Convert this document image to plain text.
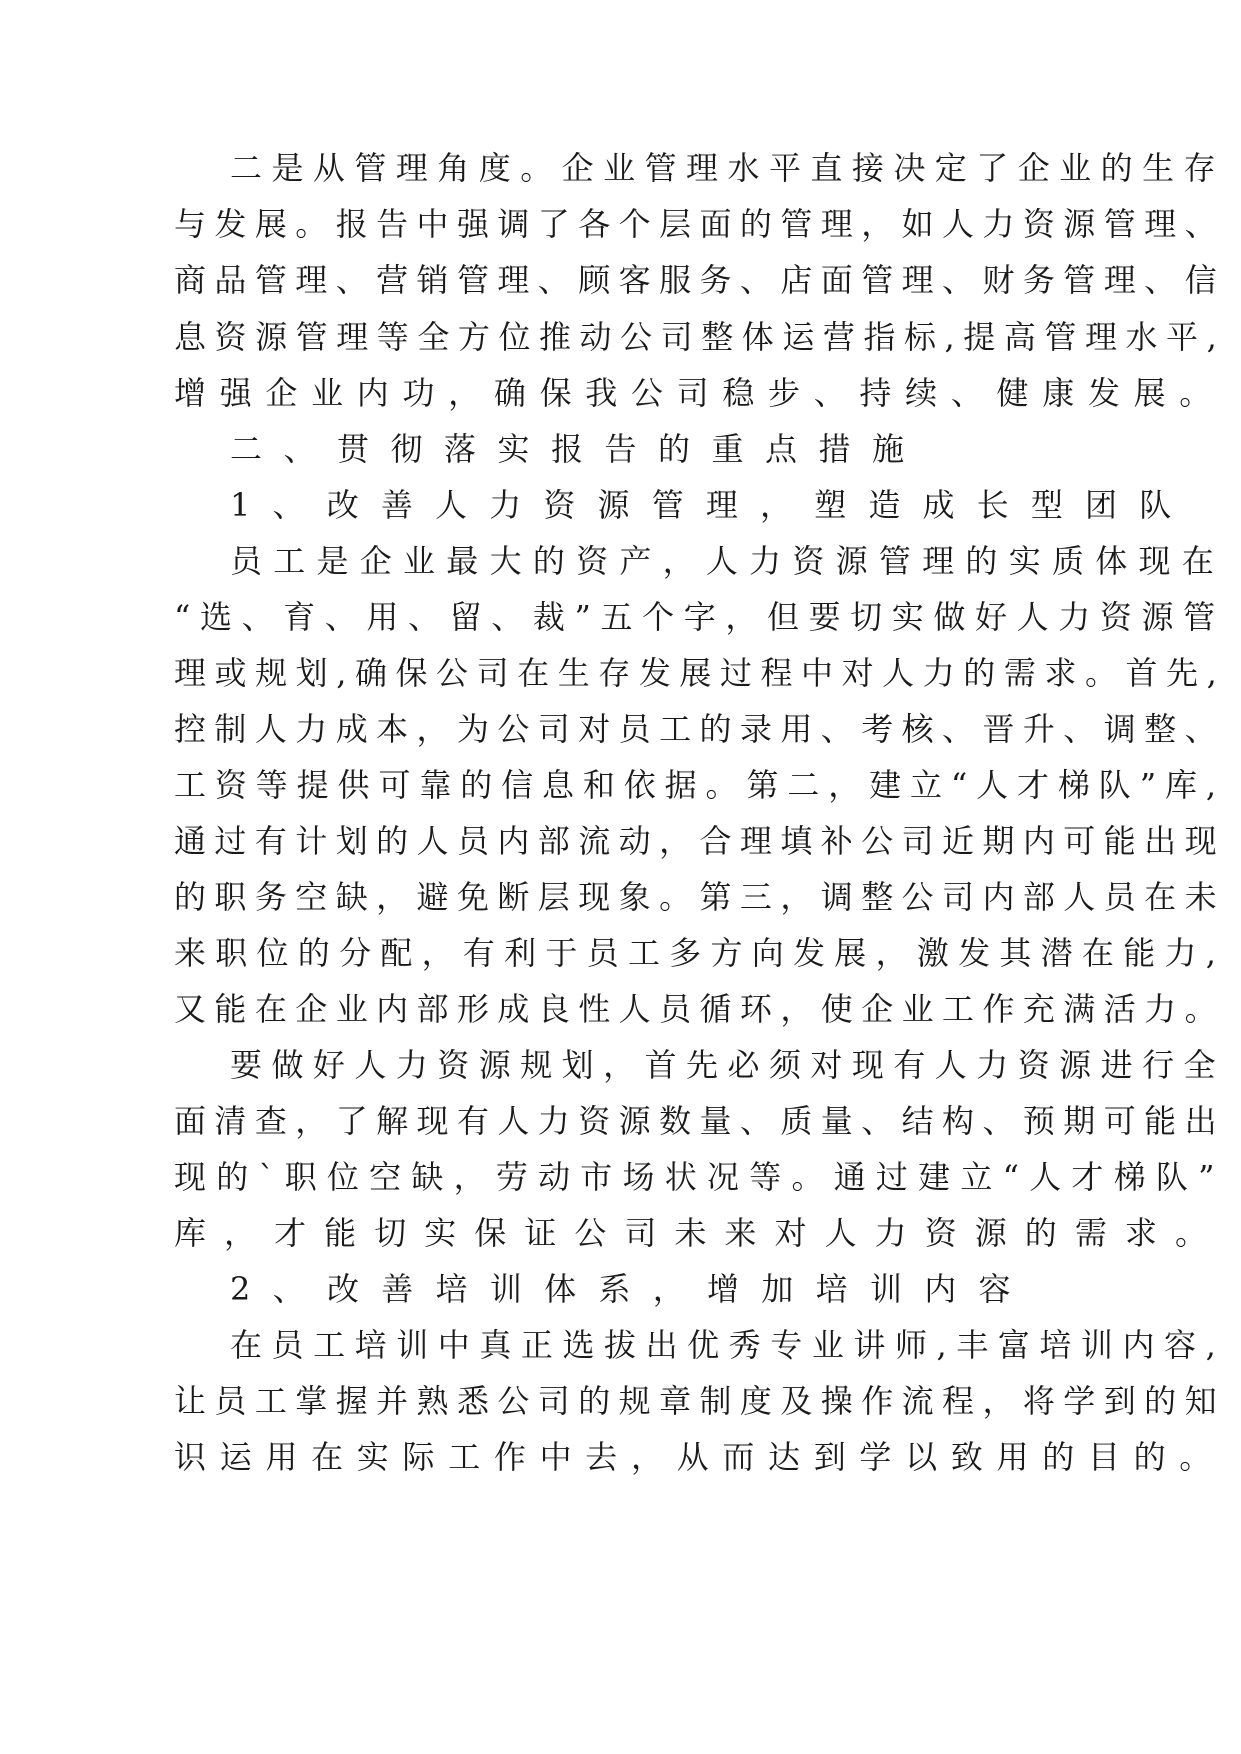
二是从管理角度。企业管理水平直接决定了企业的生存
与发展。报告中强调了各个层面的管理，如人力资源管理、
商品管理、营销管理、顾客服务、店面管理、财务管理、信
息资源管理等全方位推动公司整体运营指标,提高管理水平,
增强企业内功，确保我公司稳步、持续、健康发展。
二、贯彻落实报告的重点措施
1、改善人力资源管理，塑造成长型团队
员工是企业最大的资产，人力资源管理的实质体现在
“选、育、用、留、裁”五个字，但要切实做好人力资源管
理或规划,确保公司在生存发展过程中对人力的需求。首先,
控制人力成本，为公司对员工的录用、考核、晋升、调整、
工资等提供可靠的信息和依据。第二，建立“人才梯队”库,
通过有计划的人员内部流动，合理填补公司近期内可能出现
的职务空缺，避免断层现象。第三，调整公司内部人员在未
来职位的分配，有利于员工多方向发展，激发其潜在能力,
又能在企业内部形成良性人员循环，使企业工作充满活力。
要做好人力资源规划，首先必须对现有人力资源进行全
面清查，了解现有人力资源数量、质量、结构、预期可能出
现的`职位空缺，劳动市场状况等。通过建立“人才梯队”
库，才能切实保证公司未来对人力资源的需求。
2、改善培训体系，增加培训内容
在员工培训中真正选拔出优秀专业讲师,丰富培训内容,
让员工掌握并熟悉公司的规章制度及操作流程，将学到的知
识运用在实际工作中去，从而达到学以致用的目的。
